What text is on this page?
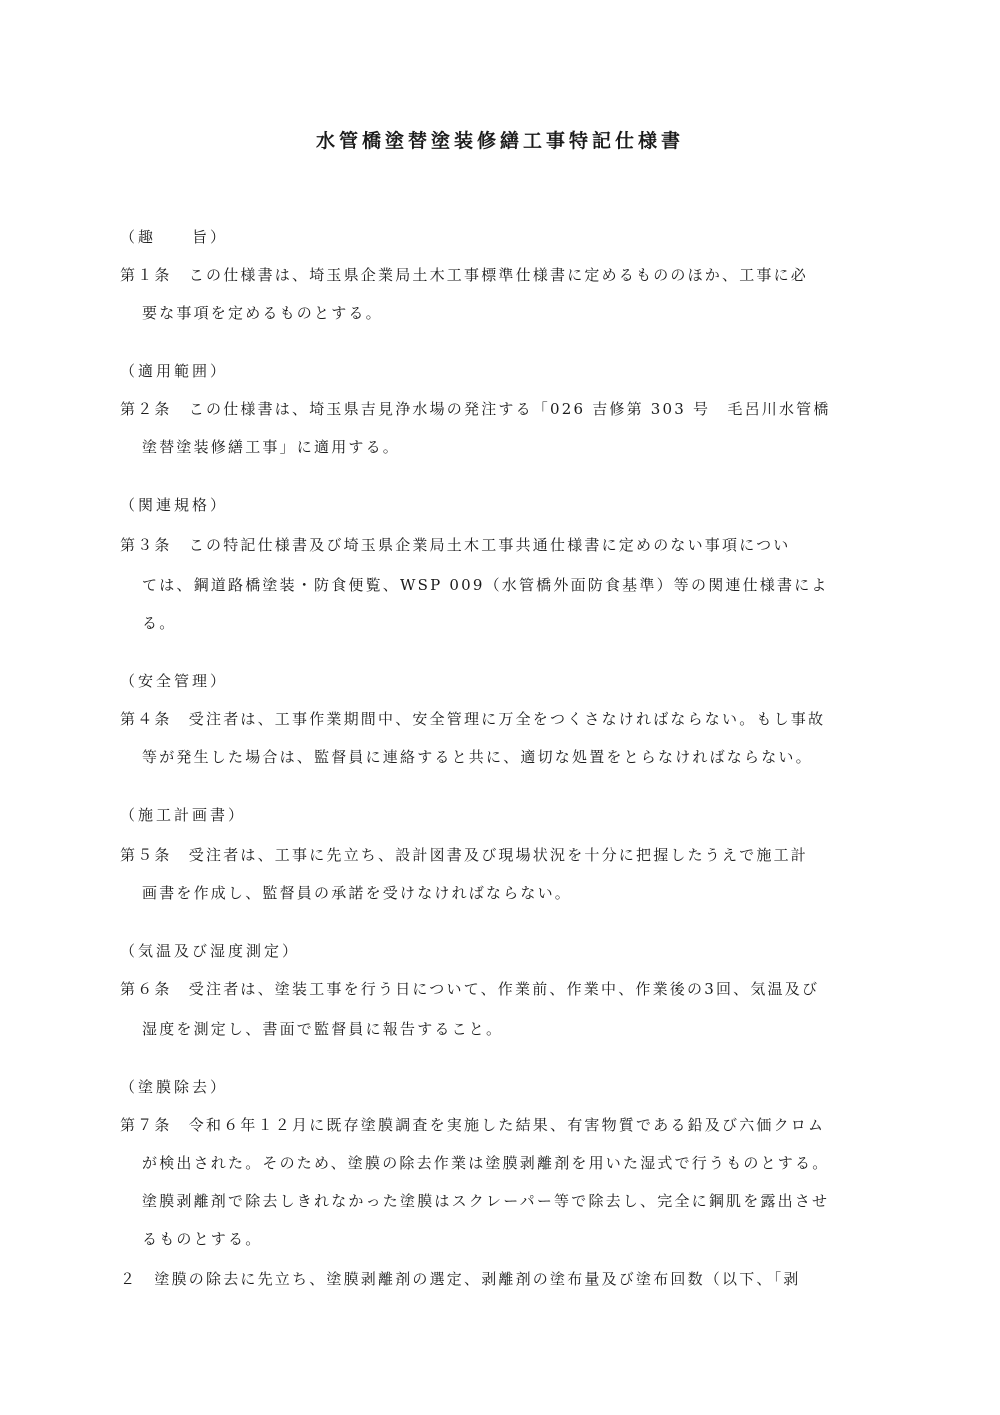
水管橋塗替塗装修繕工事特記仕様書
（趣　　旨）
第１条　この仕様書は、埼玉県企業局土木工事標準仕様書に定めるもののほか、工事に必
要な事項を定めるものとする。
（適用範囲）
第２条　この仕様書は、埼玉県吉見浄水場の発注する「026 吉修第 303 号　毛呂川水管橋
塗替塗装修繕工事」に適用する。
（関連規格）
第３条　この特記仕様書及び埼玉県企業局土木工事共通仕様書に定めのない事項につい
ては、鋼道路橋塗装・防食便覧、WSP 009（水管橋外面防食基準）等の関連仕様書によ
る。
（安全管理）
第４条　受注者は、工事作業期間中、安全管理に万全をつくさなければならない。もし事故
等が発生した場合は、監督員に連絡すると共に、適切な処置をとらなければならない。
（施工計画書）
第５条　受注者は、工事に先立ち、設計図書及び現場状況を十分に把握したうえで施工計
画書を作成し、監督員の承諾を受けなければならない。
（気温及び湿度測定）
第６条　受注者は、塗装工事を行う日について、作業前、作業中、作業後の3回、気温及び
湿度を測定し、書面で監督員に報告すること。
（塗膜除去）
第７条　令和６年１２月に既存塗膜調査を実施した結果、有害物質である鉛及び六価クロム
が検出された。そのため、塗膜の除去作業は塗膜剥離剤を用いた湿式で行うものとする。
塗膜剥離剤で除去しきれなかった塗膜はスクレーパー等で除去し、完全に鋼肌を露出させ
るものとする。
２　塗膜の除去に先立ち、塗膜剥離剤の選定、剥離剤の塗布量及び塗布回数（以下、「剥
